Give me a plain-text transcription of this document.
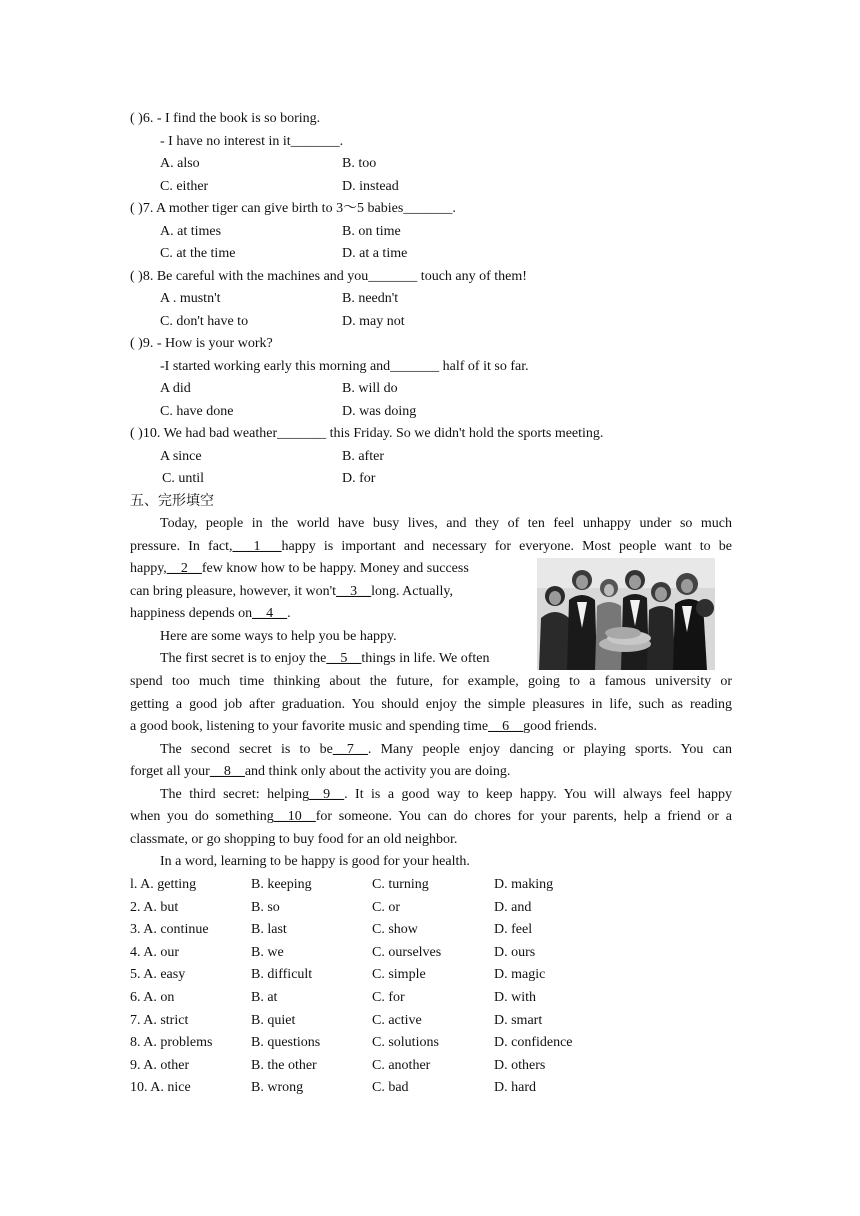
( )6. - I find the book is so boring.
- I have no interest in it_______.
A. also	B. too
C. either	D. instead
( )7. A mother tiger can give birth to 3～5 babies_______.
A. at times	B. on time
C. at the time	D. at a time
( )8. Be careful with the machines and you_______ touch any of them!
A . mustn't	B. needn't
C. don't have to	D. may not
( )9. - How is your work?
-I started working early this morning and_______ half of it so far.
A did	B. will do
C. have done	D. was doing
( )10. We had bad weather_______ this Friday. So we didn't hold the sports meeting.
A since	B. after
C. until	D. for
五、完形填空
Today, people in the world have busy lives, and they of ten feel unhappy under so much
pressure. In fact,___1___happy is important and necessary for everyone. Most people want to be
happy,__2__few know how to be happy. Money and success
can bring pleasure, however, it won't__3__long. Actually,
happiness depends on__4__.
Here are some ways to help you be happy.
The first secret is to enjoy the__5__things in life. We often
spend too much time thinking about the future, for example, going to a famous university or
getting a good job after graduation. You should enjoy the simple pleasures in life, such as reading
a good book, listening to your favorite music and spending time__6__good friends.
The second secret is to be__7__. Many people enjoy dancing or playing sports. You can
forget all your__8__and think only about the activity you are doing.
The third secret: helping__9__. It is a good way to keep happy. You will always feel happy
when you do something__10__for someone. You can do chores for your parents, help a friend or a
classmate, or go shopping to buy food for an old neighbor.
In a word, learning to be happy is good for your health.
l. A. getting	B. keeping	C. turning	D. making
2. A. but	B. so	C. or	D. and
3. A. continue	B. last	C. show	D. feel
4. A. our	B. we	C. ourselves	D. ours
5. A. easy	B. difficult	C. simple	D. magic
6. A. on	B. at	C. for	D. with
7. A. strict	B. quiet	C. active	D. smart
8. A. problems	B. questions	C. solutions	D. confidence
9. A. other	B. the other	C. another	D. others
10. A. nice	B. wrong	C. bad	D. hard
